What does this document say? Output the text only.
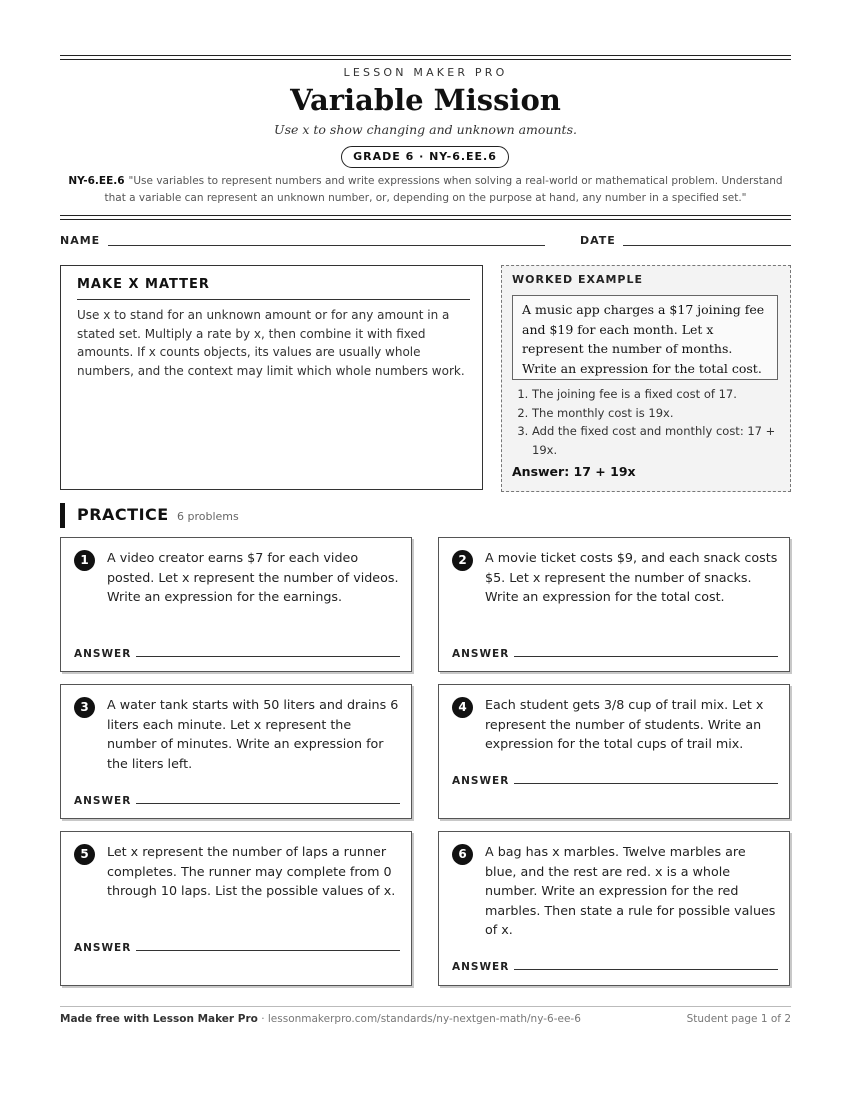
LESSON MAKER PRO
Variable Mission
Use x to show changing and unknown amounts.
GRADE 6 · NY-6.EE.6
NY-6.EE.6 "Use variables to represent numbers and write expressions when solving a real-world or mathematical problem. Understand that a variable can represent an unknown number, or, depending on the purpose at hand, any number in a specified set."
NAME	DATE
MAKE X MATTER

Use x to stand for an unknown amount or for any amount in a stated set. Multiply a rate by x, then combine it with fixed amounts. If x counts objects, its values are usually whole numbers, and the context may limit which whole numbers work.

WORKED EXAMPLE
A music app charges a $17 joining fee and $19 for each month. Let x represent the number of months. Write an expression for the total cost.
1. The joining fee is a fixed cost of 17.
2. The monthly cost is 19x.
3. Add the fixed cost and monthly cost: 17 + 19x.
Answer: 17 + 19x
PRACTICE 6 problems
1	A video creator earns $7 for each video posted. Let x represent the number of videos. Write an expression for the earnings.
ANSWER
2	A movie ticket costs $9, and each snack costs $5. Let x represent the number of snacks. Write an expression for the total cost.
ANSWER
3	A water tank starts with 50 liters and drains 6 liters each minute. Let x represent the number of minutes. Write an expression for the liters left.
ANSWER
4	Each student gets 3/8 cup of trail mix. Let x represent the number of students. Write an expression for the total cups of trail mix.
ANSWER
5	Let x represent the number of laps a runner completes. The runner may complete from 0 through 10 laps. List the possible values of x.
ANSWER
6	A bag has x marbles. Twelve marbles are blue, and the rest are red. x is a whole number. Write an expression for the red marbles. Then state a rule for possible values of x.
ANSWER
Made free with Lesson Maker Pro · lessonmakerpro.com/standards/ny-nextgen-math/ny-6-ee-6	Student page 1 of 2
